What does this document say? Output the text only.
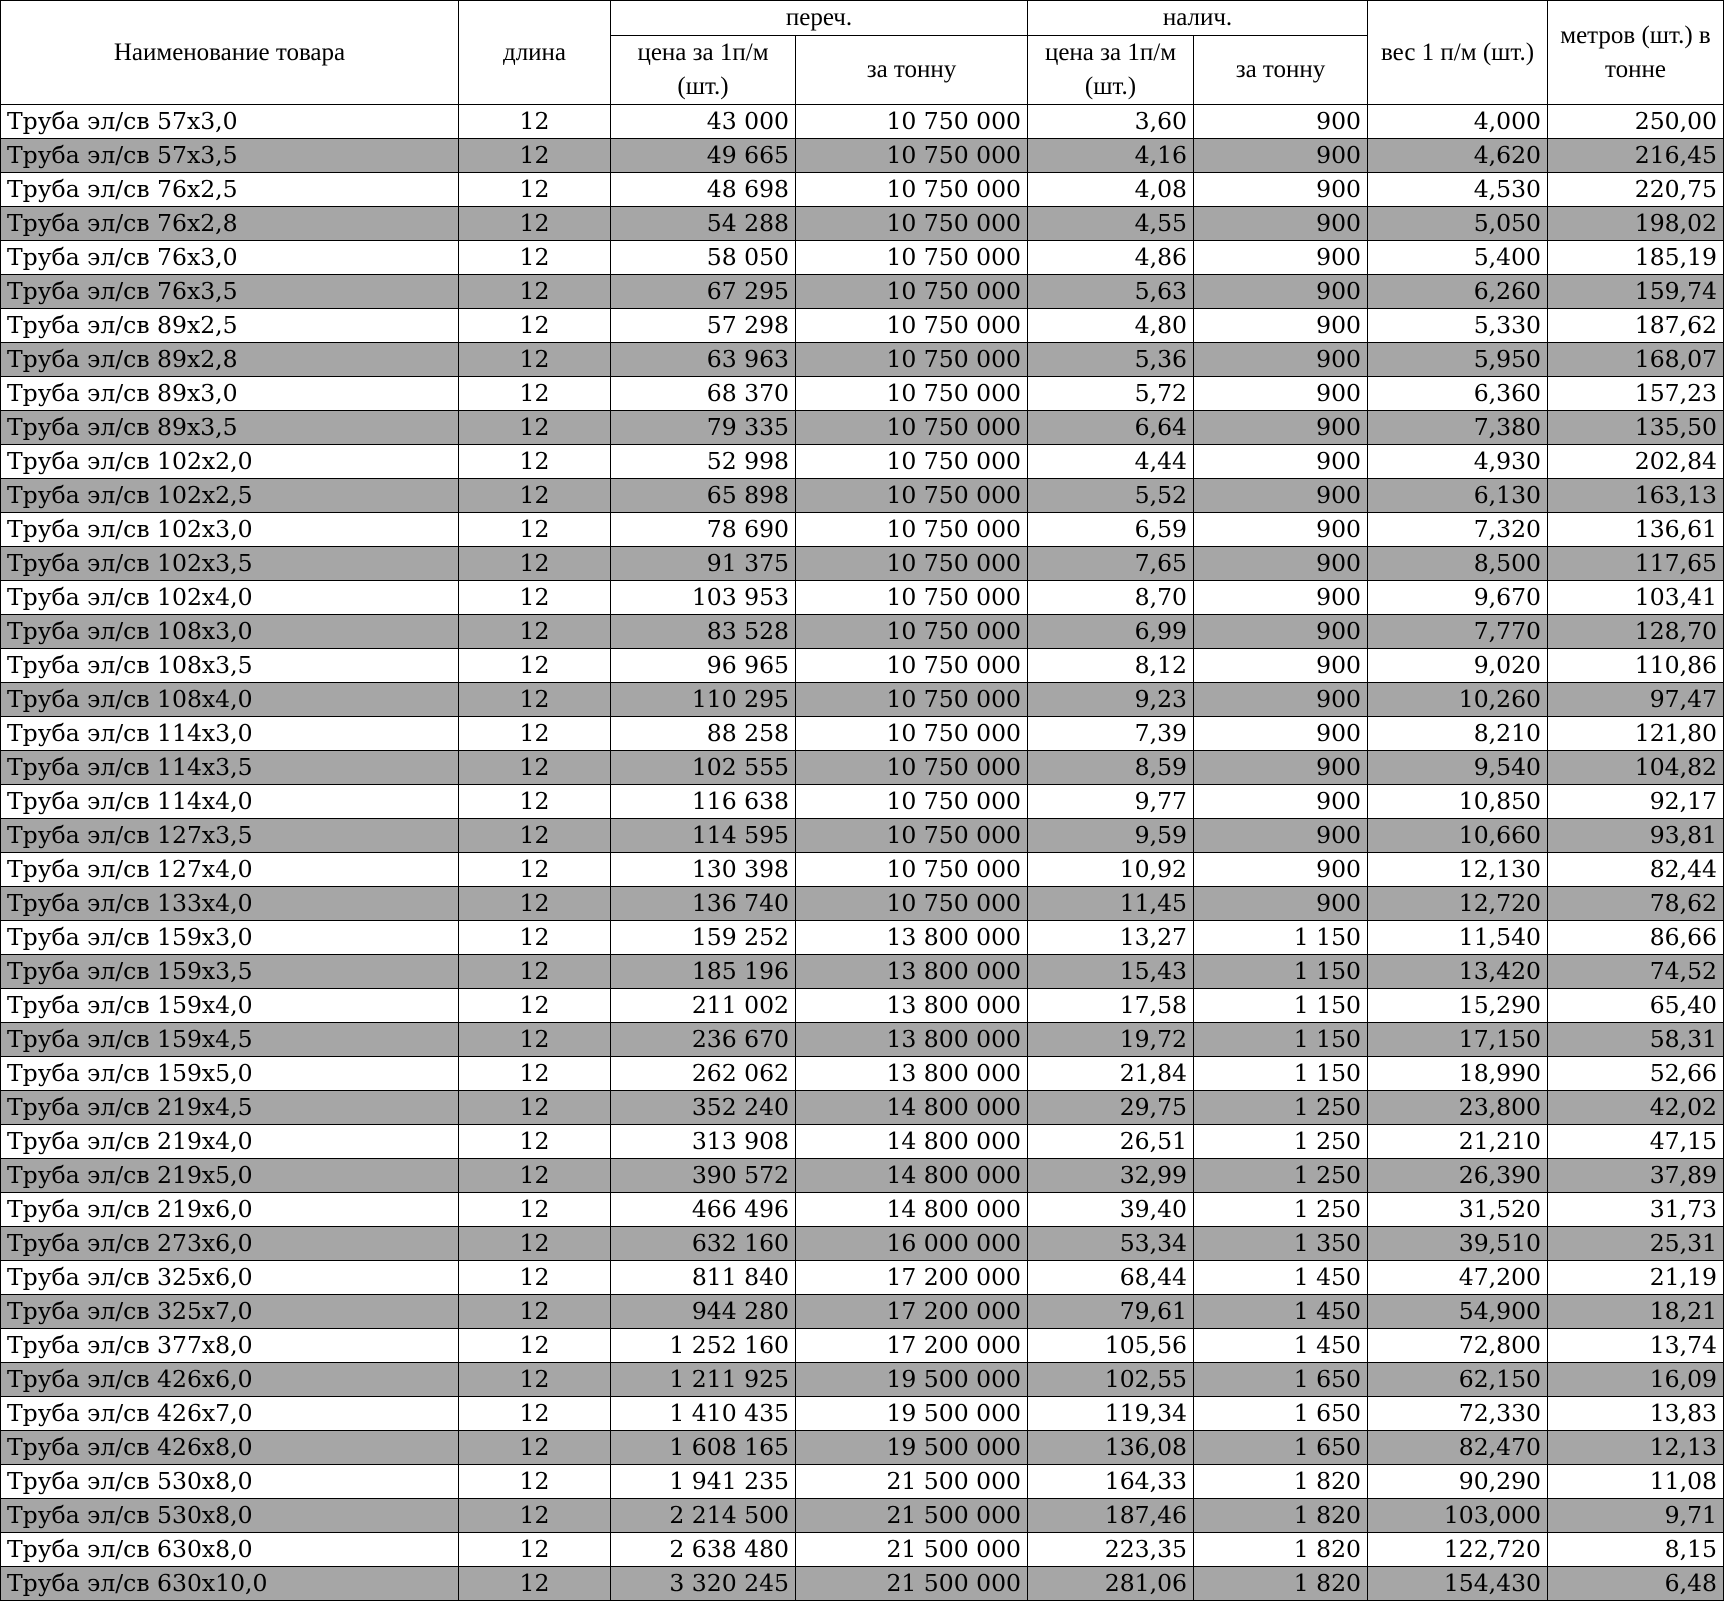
Наименование товара	длина	переч.		налич.		вес 1 п/м (шт.)	метров (шт.) в тонне
		цена за 1п/м (шт.)	за тонну	цена за 1п/м (шт.)	за тонну		
Труба эл/св 57х3,0	12	43 000	10 750 000	3,60	900	4,000	250,00
Труба эл/св 57х3,5	12	49 665	10 750 000	4,16	900	4,620	216,45
Труба эл/св 76х2,5	12	48 698	10 750 000	4,08	900	4,530	220,75
Труба эл/св 76х2,8	12	54 288	10 750 000	4,55	900	5,050	198,02
Труба эл/св 76х3,0	12	58 050	10 750 000	4,86	900	5,400	185,19
Труба эл/св 76х3,5	12	67 295	10 750 000	5,63	900	6,260	159,74
Труба эл/св 89х2,5	12	57 298	10 750 000	4,80	900	5,330	187,62
Труба эл/св 89х2,8	12	63 963	10 750 000	5,36	900	5,950	168,07
Труба эл/св 89х3,0	12	68 370	10 750 000	5,72	900	6,360	157,23
Труба эл/св 89х3,5	12	79 335	10 750 000	6,64	900	7,380	135,50
Труба эл/св 102х2,0	12	52 998	10 750 000	4,44	900	4,930	202,84
Труба эл/св 102х2,5	12	65 898	10 750 000	5,52	900	6,130	163,13
Труба эл/св 102х3,0	12	78 690	10 750 000	6,59	900	7,320	136,61
Труба эл/св 102х3,5	12	91 375	10 750 000	7,65	900	8,500	117,65
Труба эл/св 102х4,0	12	103 953	10 750 000	8,70	900	9,670	103,41
Труба эл/св 108х3,0	12	83 528	10 750 000	6,99	900	7,770	128,70
Труба эл/св 108х3,5	12	96 965	10 750 000	8,12	900	9,020	110,86
Труба эл/св 108х4,0	12	110 295	10 750 000	9,23	900	10,260	97,47
Труба эл/св 114х3,0	12	88 258	10 750 000	7,39	900	8,210	121,80
Труба эл/св 114х3,5	12	102 555	10 750 000	8,59	900	9,540	104,82
Труба эл/св 114х4,0	12	116 638	10 750 000	9,77	900	10,850	92,17
Труба эл/св 127х3,5	12	114 595	10 750 000	9,59	900	10,660	93,81
Труба эл/св 127х4,0	12	130 398	10 750 000	10,92	900	12,130	82,44
Труба эл/св 133х4,0	12	136 740	10 750 000	11,45	900	12,720	78,62
Труба эл/св 159х3,0	12	159 252	13 800 000	13,27	1 150	11,540	86,66
Труба эл/св 159х3,5	12	185 196	13 800 000	15,43	1 150	13,420	74,52
Труба эл/св 159х4,0	12	211 002	13 800 000	17,58	1 150	15,290	65,40
Труба эл/св 159х4,5	12	236 670	13 800 000	19,72	1 150	17,150	58,31
Труба эл/св 159х5,0	12	262 062	13 800 000	21,84	1 150	18,990	52,66
Труба эл/св 219х4,5	12	352 240	14 800 000	29,75	1 250	23,800	42,02
Труба эл/св 219х4,0	12	313 908	14 800 000	26,51	1 250	21,210	47,15
Труба эл/св 219х5,0	12	390 572	14 800 000	32,99	1 250	26,390	37,89
Труба эл/св 219х6,0	12	466 496	14 800 000	39,40	1 250	31,520	31,73
Труба эл/св 273х6,0	12	632 160	16 000 000	53,34	1 350	39,510	25,31
Труба эл/св 325х6,0	12	811 840	17 200 000	68,44	1 450	47,200	21,19
Труба эл/св 325х7,0	12	944 280	17 200 000	79,61	1 450	54,900	18,21
Труба эл/св 377х8,0	12	1 252 160	17 200 000	105,56	1 450	72,800	13,74
Труба эл/св 426х6,0	12	1 211 925	19 500 000	102,55	1 650	62,150	16,09
Труба эл/св 426х7,0	12	1 410 435	19 500 000	119,34	1 650	72,330	13,83
Труба эл/св 426х8,0	12	1 608 165	19 500 000	136,08	1 650	82,470	12,13
Труба эл/св 530х8,0	12	1 941 235	21 500 000	164,33	1 820	90,290	11,08
Труба эл/св 530х8,0	12	2 214 500	21 500 000	187,46	1 820	103,000	9,71
Труба эл/св 630х8,0	12	2 638 480	21 500 000	223,35	1 820	122,720	8,15
Труба эл/св 630х10,0	12	3 320 245	21 500 000	281,06	1 820	154,430	6,48
